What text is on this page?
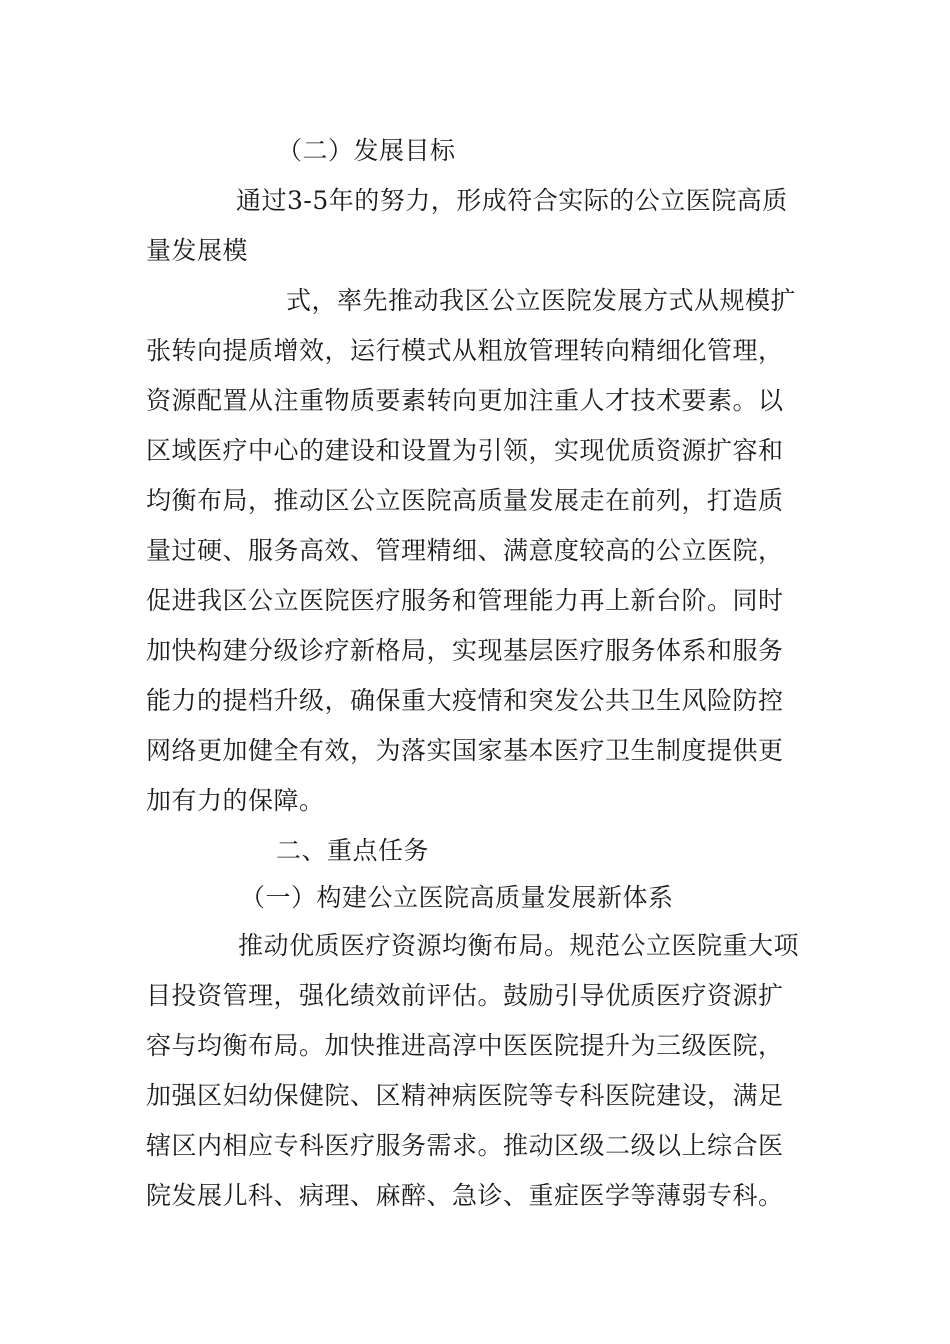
（二）发展目标
通过3-5年的努力，形成符合实际的公立医院高质
量发展模
式，率先推动我区公立医院发展方式从规模扩
张转向提质增效，运行模式从粗放管理转向精细化管理，
资源配置从注重物质要素转向更加注重人才技术要素。以
区域医疗中心的建设和设置为引领，实现优质资源扩容和
均衡布局，推动区公立医院高质量发展走在前列，打造质
量过硬、服务高效、管理精细、满意度较高的公立医院，
促进我区公立医院医疗服务和管理能力再上新台阶。同时
加快构建分级诊疗新格局，实现基层医疗服务体系和服务
能力的提档升级，确保重大疫情和突发公共卫生风险防控
网络更加健全有效，为落实国家基本医疗卫生制度提供更
加有力的保障。
二、重点任务
（一）构建公立医院高质量发展新体系
推动优质医疗资源均衡布局。规范公立医院重大项
目投资管理，强化绩效前评估。鼓励引导优质医疗资源扩
容与均衡布局。加快推进高淳中医医院提升为三级医院，
加强区妇幼保健院、区精神病医院等专科医院建设，满足
辖区内相应专科医疗服务需求。推动区级二级以上综合医
院发展儿科、病理、麻醉、急诊、重症医学等薄弱专科。
